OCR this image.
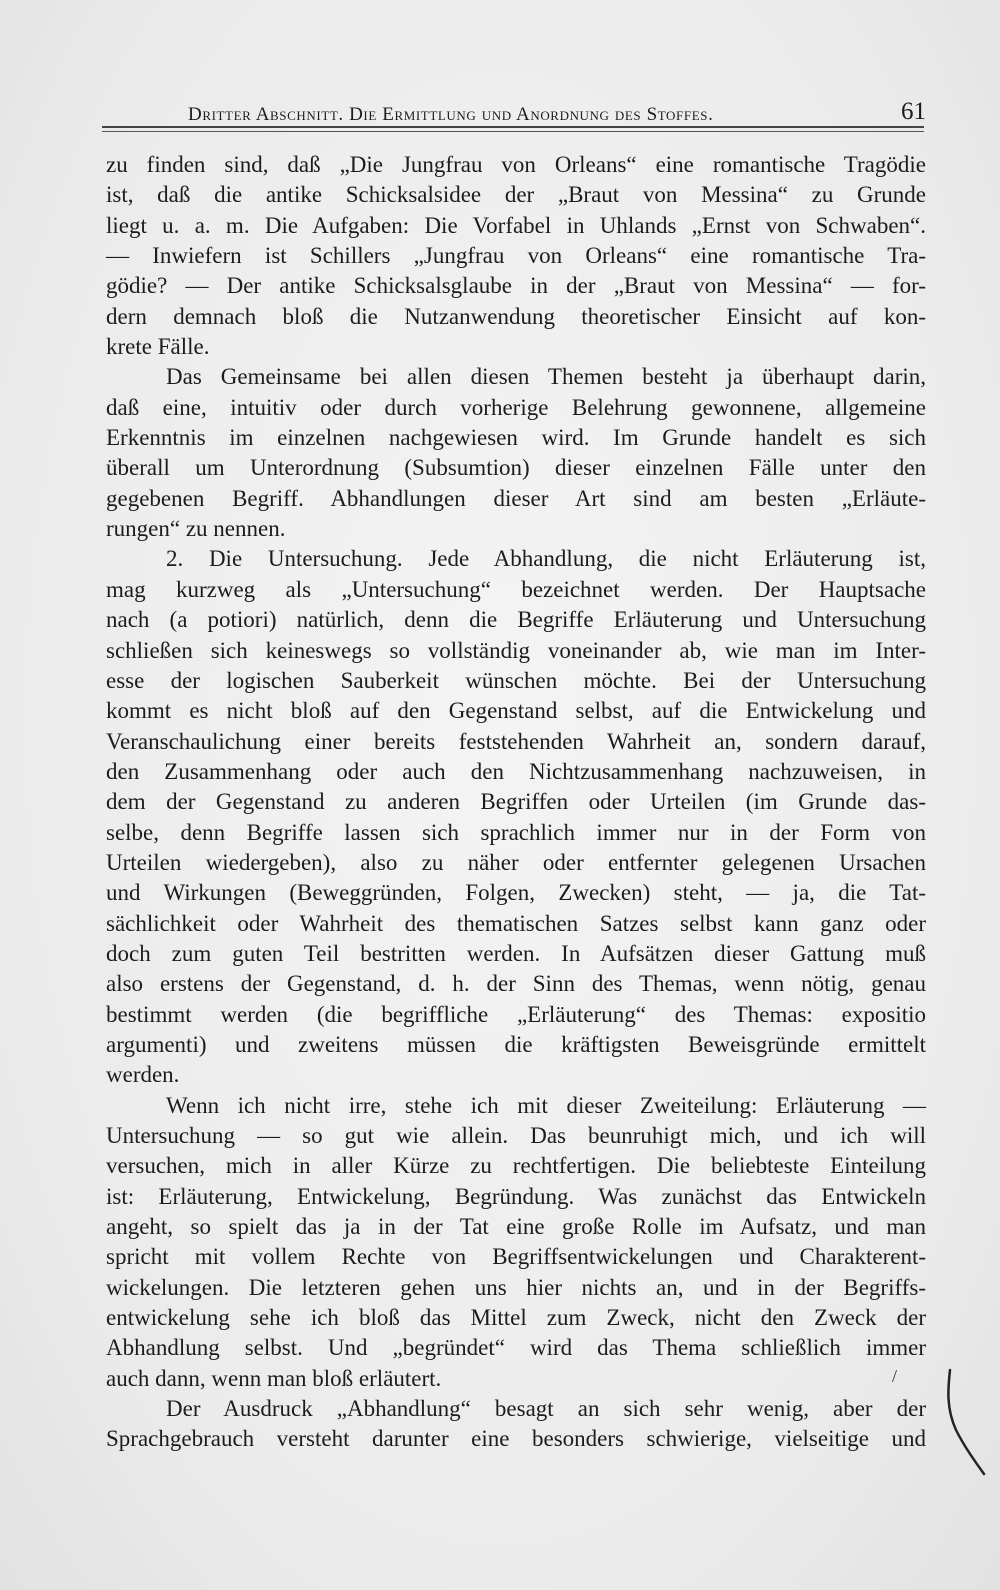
Dritter Abschnitt. Die Ermittlung und Anordnung des Stoffes.	61
zu finden sind, daß „Die Jungfrau von Orleans“ eine romantische Tragödie
ist, daß die antike Schicksalsidee der „Braut von Messina“ zu Grunde
liegt u. a. m. Die Aufgaben: Die Vorfabel in Uhlands „Ernst von Schwaben“.
— Inwiefern ist Schillers „Jungfrau von Orleans“ eine romantische Tra-
gödie? — Der antike Schicksalsglaube in der „Braut von Messina“ — for-
dern demnach bloß die Nutzanwendung theoretischer Einsicht auf kon-
krete Fälle.
Das Gemeinsame bei allen diesen Themen besteht ja überhaupt darin,
daß eine, intuitiv oder durch vorherige Belehrung gewonnene, allgemeine
Erkenntnis im einzelnen nachgewiesen wird. Im Grunde handelt es sich
überall um Unterordnung (Subsumtion) dieser einzelnen Fälle unter den
gegebenen Begriff. Abhandlungen dieser Art sind am besten „Erläute-
rungen“ zu nennen.
2. Die Untersuchung. Jede Abhandlung, die nicht Erläuterung ist,
mag kurzweg als „Untersuchung“ bezeichnet werden. Der Hauptsache
nach (a potiori) natürlich, denn die Begriffe Erläuterung und Untersuchung
schließen sich keineswegs so vollständig voneinander ab, wie man im Inter-
esse der logischen Sauberkeit wünschen möchte. Bei der Untersuchung
kommt es nicht bloß auf den Gegenstand selbst, auf die Entwickelung und
Veranschaulichung einer bereits feststehenden Wahrheit an, sondern darauf,
den Zusammenhang oder auch den Nichtzusammenhang nachzuweisen, in
dem der Gegenstand zu anderen Begriffen oder Urteilen (im Grunde das-
selbe, denn Begriffe lassen sich sprachlich immer nur in der Form von
Urteilen wiedergeben), also zu näher oder entfernter gelegenen Ursachen
und Wirkungen (Beweggründen, Folgen, Zwecken) steht, — ja, die Tat-
sächlichkeit oder Wahrheit des thematischen Satzes selbst kann ganz oder
doch zum guten Teil bestritten werden. In Aufsätzen dieser Gattung muß
also erstens der Gegenstand, d. h. der Sinn des Themas, wenn nötig, genau
bestimmt werden (die begriffliche „Erläuterung“ des Themas: expositio
argumenti) und zweitens müssen die kräftigsten Beweisgründe ermittelt
werden.
Wenn ich nicht irre, stehe ich mit dieser Zweiteilung: Erläuterung —
Untersuchung — so gut wie allein. Das beunruhigt mich, und ich will
versuchen, mich in aller Kürze zu rechtfertigen. Die beliebteste Einteilung
ist: Erläuterung, Entwickelung, Begründung. Was zunächst das Entwickeln
angeht, so spielt das ja in der Tat eine große Rolle im Aufsatz, und man
spricht mit vollem Rechte von Begriffsentwickelungen und Charakterent-
wickelungen. Die letzteren gehen uns hier nichts an, und in der Begriffs-
entwickelung sehe ich bloß das Mittel zum Zweck, nicht den Zweck der
Abhandlung selbst. Und „begründet“ wird das Thema schließlich immer
auch dann, wenn man bloß erläutert.
Der Ausdruck „Abhandlung“ besagt an sich sehr wenig, aber der
Sprachgebrauch versteht darunter eine besonders schwierige, vielseitige und
/
